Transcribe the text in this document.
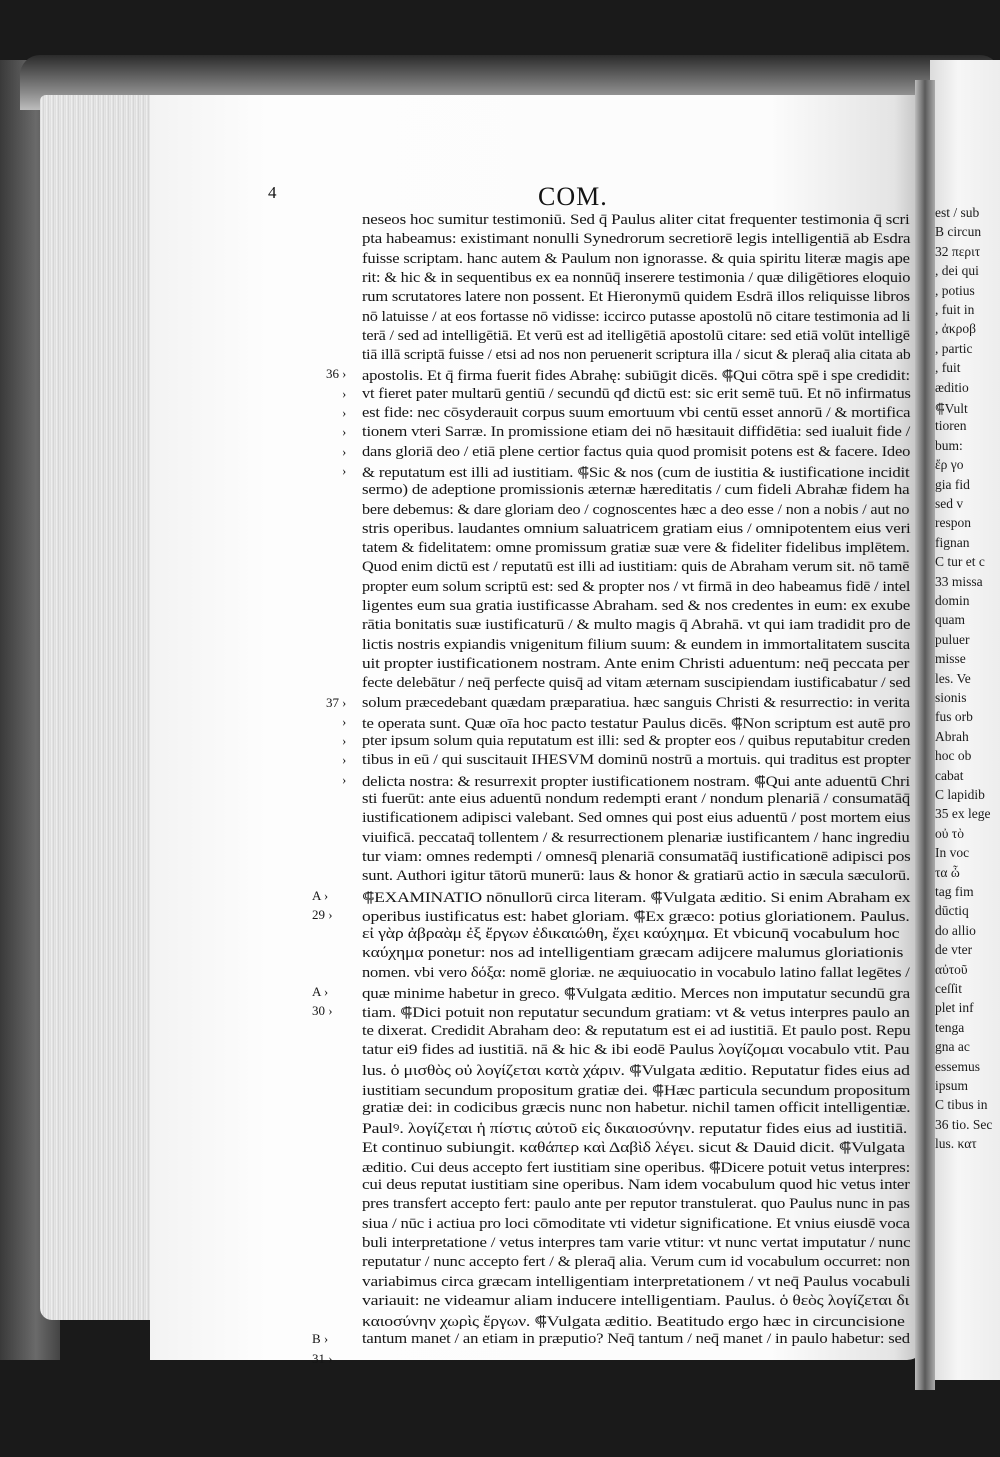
4	COM.
neseos hoc sumitur testimoniū. Sed q̄ Paulus aliter citat frequenter testimonia q̄ scri
pta habeamus: existimant nonulli Synedrorum secretiorē legis intelligentiā ab Esdra
fuisse scriptam. hanc autem & Paulum non ignorasse. & quia spiritu literæ magis ape
rit: & hic & in sequentibus ex ea nonnūq̄ inserere testimonia / quæ diligētiores eloquio
rum scrutatores latere non possent. Et Hieronymū quidem Esdrā illos reliquisse libros
nō latuisse / at eos fortasse nō vidisse: iccirco putasse apostolū nō citare testimonia ad li
terā / sed ad intelligētiā. Et verū est ad itelligētiā apostolū citare: sed etiā volūt intelligē
tiā illā scriptā fuisse / etsi ad nos non peruenerit scriptura illa / sicut & pleraq̄ alia citata ab
apostolis. Et q̄ firma fuerit fides Abrahę: subiūgit dicēs. ⸿Qui cōtra spē i spe credidit:
vt fieret pater multarū gentiū / secundū qđ dictū est: sic erit semē tuū. Et nō infirmatus
est fide: nec cōsyderauit corpus suum emortuum vbi centū esset annorū / & mortifica
tionem vteri Sarræ. In promissione etiam dei nō hæsitauit diffidētia: sed iualuit fide /
dans gloriā deo / etiā plene certior factus quia quod promisit potens est & facere. Ideo
& reputatum est illi ad iustitiam. ⸿Sic & nos (cum de iustitia & iustificatione incidit
sermo) de adeptione promissionis æternæ hæreditatis / cum fideli Abrahæ fidem ha
bere debemus: & dare gloriam deo / cognoscentes hæc a deo esse / non a nobis / aut no
stris operibus. laudantes omnium saluatricem gratiam eius / omnipotentem eius veri
tatem & fidelitatem: omne promissum gratiæ suæ vere & fideliter fidelibus implētem.
Quod enim dictū est / reputatū est illi ad iustitiam: quis de Abraham verum sit. nō tamē
propter eum solum scriptū est: sed & propter nos / vt firmā in deo habeamus fidē / intel
ligentes eum sua gratia iustificasse Abraham. sed & nos credentes in eum: ex exube
rātia bonitatis suæ iustificaturū / & multo magis q̄ Abrahā. vt qui iam tradidit pro de
lictis nostris expiandis vnigenitum filium suum: & eundem in immortalitatem suscita
uit propter iustificationem nostram. Ante enim Christi aduentum: neq̄ peccata per
fecte delebātur / neq̄ perfecte quisq̄ ad vitam æternam suscipiendam iustificabatur / sed
solum præcedebant quædam præparatiua. hæc sanguis Christi & resurrectio: in verita
te operata sunt. Quæ oīa hoc pacto testatur Paulus dicēs. ⸿Non scriptum est autē pro
pter ipsum solum quia reputatum est illi: sed & propter eos / quibus reputabitur creden
tibus in eū / qui suscitauit IHESVM dominū nostrū a mortuis. qui traditus est propter
delicta nostra: & resurrexit propter iustificationem nostram. ⸿Qui ante aduentū Chri
sti fuerūt: ante eius aduentū nondum redempti erant / nondum plenariā / consumatāq̄
iustificationem adipisci valebant. Sed omnes qui post eius aduentū / post mortem eius
viuificā. peccataq̄ tollentem / & resurrectionem plenariæ iustificantem / hanc ingrediu
tur viam: omnes redempti / omnesq̄ plenariā consumatāq̄ iustificationē adipisci pos
sunt. Authori igitur tātorū munerū: laus & honor & gratiarū actio in sæcula sæculorū.
⸿EXAMINATIO nōnullorū circa literam. ⸿Vulgata æditio. Si enim Abraham ex
operibus iustificatus est: habet gloriam. ⸿Ex græco: potius gloriationem. Paulus.
εἰ γὰρ ἀβραὰμ ἐξ ἔργων ἐδικαιώθη, ἔχει καύχημα. Et vbicunq̄ vocabulum hoc
καύχημα ponetur: nos ad intelligentiam græcam adijcere malumus gloriationis
nomen. vbi vero δόξα: nomē gloriæ. ne æquiuocatio in vocabulo latino fallat legētes /
quæ minime habetur in greco. ⸿Vulgata æditio. Merces non imputatur secundū gra
tiam. ⸿Dici potuit non reputatur secundum gratiam: vt & vetus interpres paulo an
te dixerat. Credidit Abraham deo: & reputatum est ei ad iustitiā. Et paulo post. Repu
tatur ei9 fides ad iustitiā. nā & hic & ibi eodē Paulus λογίζομαι vocabulo vtit. Pau
lus. ὁ μισθὸς οὐ λογίζεται κατὰ χάριν. ⸿Vulgata æditio. Reputatur fides eius ad
iustitiam secundum propositum gratiæ dei. ⸿Hæc particula secundum propositum
gratiæ dei: in codicibus græcis nunc non habetur. nichil tamen officit intelligentiæ.
Paulꝰ. λογίζεται ἡ πίστις αὐτοῦ εἰς δικαιοσύνην. reputatur fides eius ad iustitiā.
Et continuo subiungit. καθάπερ καὶ Δαβὶδ λέγει. sicut & Dauid dicit. ⸿Vulgata
æditio. Cui deus accepto fert iustitiam sine operibus. ⸿Dicere potuit vetus interpres:
cui deus reputat iustitiam sine operibus. Nam idem vocabulum quod hic vetus inter
pres transfert accepto fert: paulo ante per reputor transtulerat. quo Paulus nunc in pas
siua / nūc i actiua pro loci cōmoditate vti videtur significatione. Et vnius eiusdē voca
buli interpretatione / vetus interpres tam varie vtitur: vt nunc vertat imputatur / nunc
reputatur / nunc accepto fert / & pleraq̄ alia. Verum cum id vocabulum occurret: non
variabimus circa græcam intelligentiam interpretationem / vt neq̄ Paulus vocabuli
variauit: ne videamur aliam inducere intelligentiam. Paulus. ὁ θεὸς λογίζεται δι
καιοσύνην χωρὶς ἔργων. ⸿Vulgata æditio. Beatitudo ergo hæc in circuncisione
tantum manet / an etiam in præputio? Neq̄ tantum / neq̄ manet / in paulo habetur: sed
36 ›
›
›
›
›
›
37 ›
›
›
›
›
A ›
29 ›
A ›
30 ›
B ›
31 ›
est / sub
B circun
32 περιτ
, dei qui
, potius
, fuit in
, ἀκροβ
, partic
, fuit
æditio
⸿Vult
tioren
bum:
ἔρ γο
gia fid
sed v
respon
fignan
C tur et c
33 missa
domin
quam
puluer
misse
les. Ve
sionis
fus orb
Abrah
hoc ob
cabat
C lapidib
35 ex lege
οὐ τὸ
In voc
τα ὦ
tag fim
dūctiq
do allio
de vter
αὐτοῦ
ceſſit
plet inf
tenga
gna ac
essemus
ipsum
C tibus in
36 tio. Sec
lus. κατ
